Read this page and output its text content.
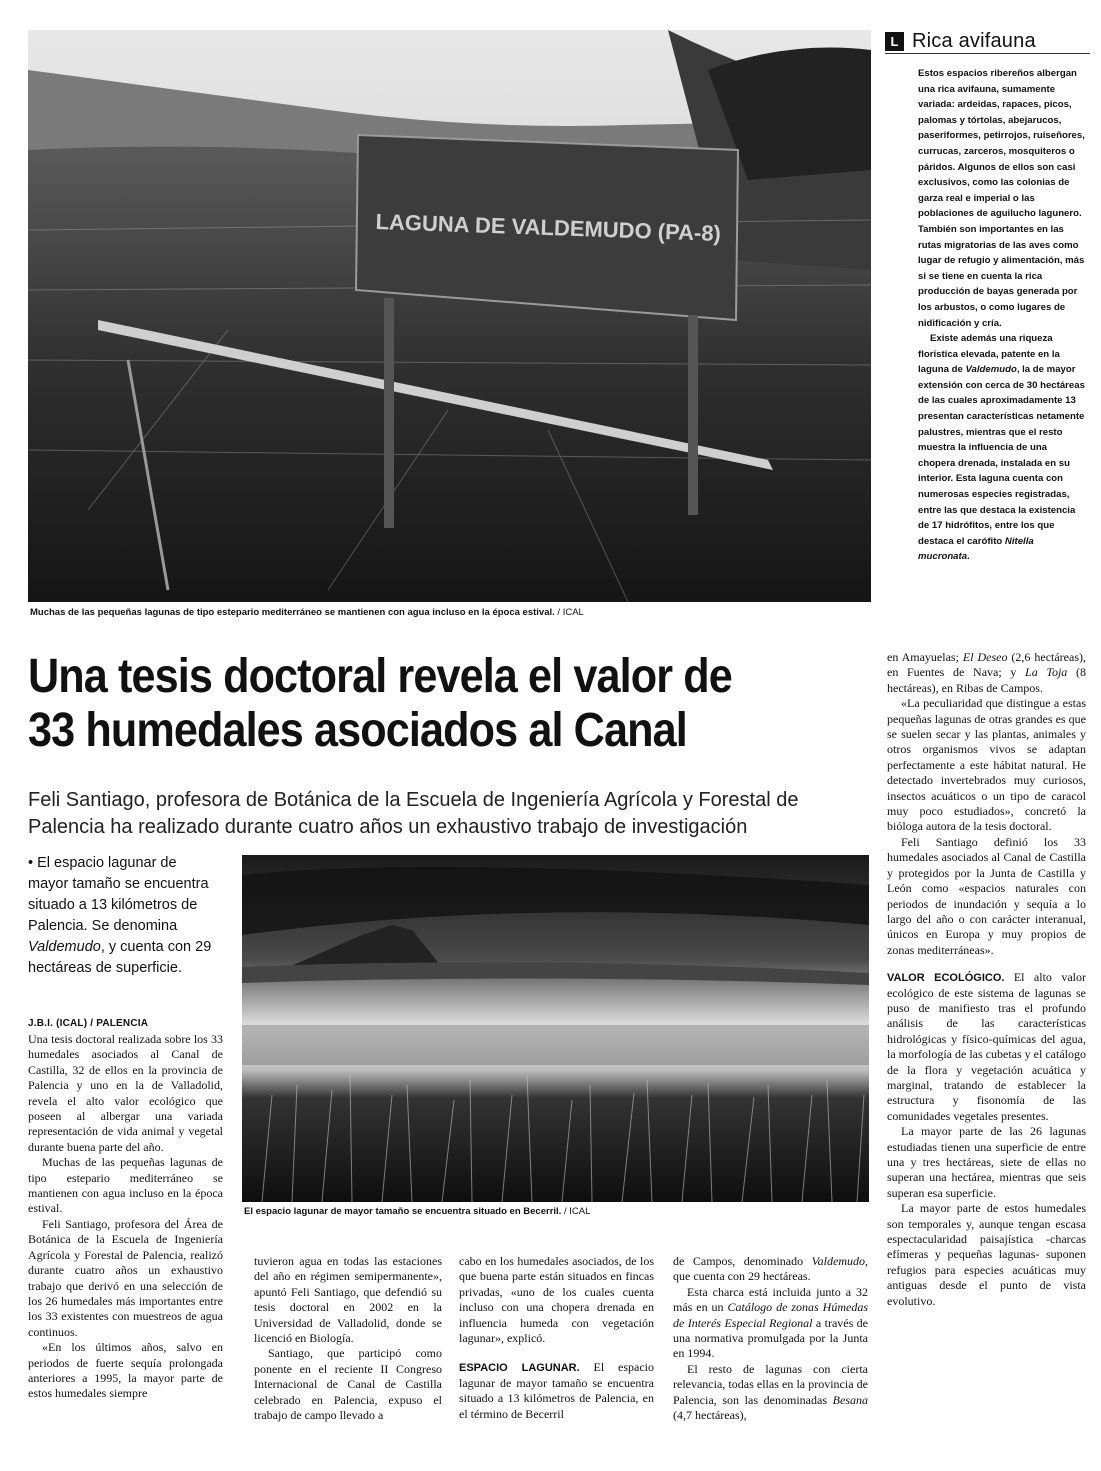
LAGUNA DE VALDEMUDO (PA-8)
Muchas de las pequeñas lagunas de tipo estepario mediterráneo se mantienen con agua incluso en la época estival. / ICAL
L Rica avifauna

Estos espacios ribereños albergan una rica avifauna, sumamente variada: ardeidas, rapaces, picos, palomas y tórtolas, abejarucos, paseriformes, petirrojos, ruiseñores, currucas, zarceros, mosquiteros o páridos. Algunos de ellos son casi exclusivos, como las colonias de garza real e imperial o las poblaciones de aguilucho lagunero. También son importantes en las rutas migratorias de las aves como lugar de refugio y alimentación, más si se tiene en cuenta la rica producción de bayas generada por los arbustos, o como lugares de nidificación y cría.

Existe además una riqueza florística elevada, patente en la laguna de Valdemudo, la de mayor extensión con cerca de 30 hectáreas de las cuales aproximadamente 13 presentan características netamente palustres, mientras que el resto muestra la influencia de una chopera drenada, instalada en su interior. Esta laguna cuenta con numerosas especies registradas, entre las que destaca la existencia de 17 hidrófitos, entre los que destaca el carófito Nitella mucronata.

Una tesis doctoral revela el valor de
33 humedales asociados al Canal
Feli Santiago, profesora de Botánica de la Escuela de Ingeniería Agrícola y Forestal de Palencia ha realizado durante cuatro años un exhaustivo trabajo de investigación
• El espacio lagunar de mayor tamaño se encuentra situado a 13 kilómetros de Palencia. Se denomina Valdemudo, y cuenta con 29 hectáreas de superficie.
J.B.I. (ICAL) / PALENCIA
El espacio lagunar de mayor tamaño se encuentra situado en Becerril. / ICAL

Una tesis doctoral realizada sobre los 33 humedales asociados al Canal de Castilla, 32 de ellos en la provincia de Palencia y uno en la de Valladolid, revela el alto valor ecológico que poseen al albergar una variada representación de vida animal y vegetal durante buena parte del año.

Muchas de las pequeñas lagunas de tipo estepario mediterráneo se mantienen con agua incluso en la época estival.

Feli Santiago, profesora del Área de Botánica de la Escuela de Ingeniería Agrícola y Forestal de Palencia, realizó durante cuatro años un exhaustivo trabajo que derivó en una selección de los 26 humedales más importantes entre los 33 existentes con muestreos de agua continuos.

«En los últimos años, salvo en periodos de fuerte sequía prolongada anteriores a 1995, la mayor parte de estos humedales siempre

tuvieron agua en todas las estaciones del año en régimen semipermanente», apuntó Feli Santiago, que defendió su tesis doctoral en 2002 en la Universidad de Valladolid, donde se licenció en Biología.

Santiago, que participó como ponente en el reciente II Congreso Internacional de Canal de Castilla celebrado en Palencia, expuso el trabajo de campo llevado a

cabo en los humedales asociados, de los que buena parte están situados en fincas privadas, «uno de los cuales cuenta incluso con una chopera drenada en influencia humeda con vegetación lagunar», explicó.

ESPACIO LAGUNAR. El espacio lagunar de mayor tamaño se encuentra situado a 13 kilómetros de Palencia, en el término de Becerril

de Campos, denominado Valdemudo, que cuenta con 29 hectáreas.

Esta charca está incluida junto a 32 más en un Catálogo de zonas Húmedas de Interés Especial Regional a través de una normativa promulgada por la Junta en 1994.

El resto de lagunas con cierta relevancia, todas ellas en la provincia de Palencia, son las denominadas Besana (4,7 hectáreas),

en Amayuelas; El Deseo (2,6 hectáreas), en Fuentes de Nava; y La Toja (8 hectáreas), en Ribas de Campos.

«La peculiaridad que distingue a estas pequeñas lagunas de otras grandes es que se suelen secar y las plantas, animales y otros organismos vivos se adaptan perfectamente a este hábitat natural. He detectado invertebrados muy curiosos, insectos acuáticos o un tipo de caracol muy poco estudiados», concretó la bióloga autora de la tesis doctoral.

Feli Santiago definió los 33 humedales asociados al Canal de Castilla y protegidos por la Junta de Castilla y León como «espacios naturales con periodos de inundación y sequía a lo largo del año o con carácter interanual, únicos en Europa y muy propios de zonas mediterráneas».

VALOR ECOLÓGICO. El alto valor ecológico de este sistema de lagunas se puso de manifiesto tras el profundo análisis de las características hidrológicas y físico-químicas del agua, la morfología de las cubetas y el catálogo de la flora y vegetación acuática y marginal, tratando de establecer la estructura y fisonomía de las comunidades vegetales presentes.

La mayor parte de las 26 lagunas estudiadas tienen una superficie de entre una y tres hectáreas, siete de ellas no superan una hectárea, mientras que seis superan esa superficie.

La mayor parte de estos humedales son temporales y, aunque tengan escasa espectacularidad paisajística -charcas efímeras y pequeñas lagunas- suponen refugios para especies acuáticas muy antiguas desde el punto de vista evolutivo.
